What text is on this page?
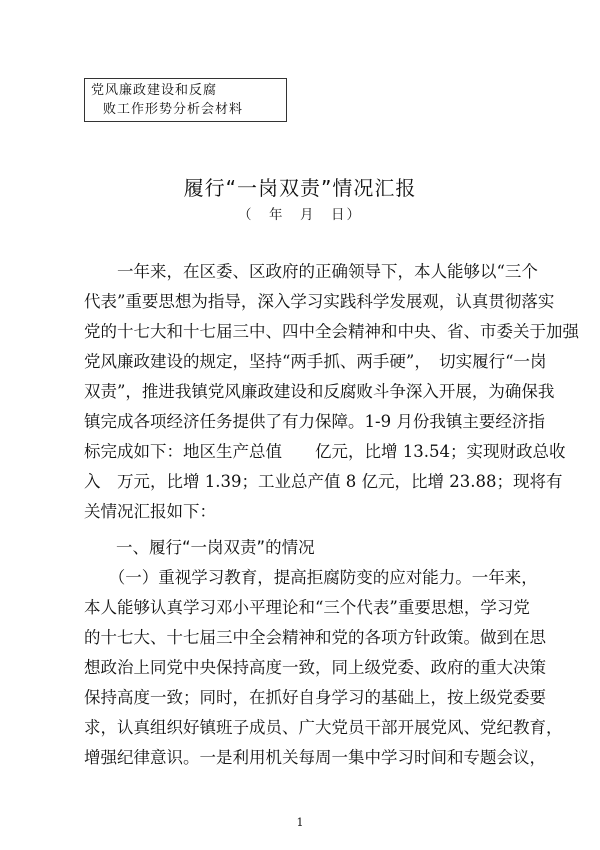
党风廉政建设和反腐
败工作形势分析会材料
履行“一岗双责”情况汇报
（　年　月　日）
　　一年来，在区委、区政府的正确领导下，本人能够以“三个
代表”重要思想为指导，深入学习实践科学发展观，认真贯彻落实
党的十七大和十七届三中、四中全会精神和中央、省、市委关于加强
党风廉政建设的规定，坚持“两手抓、两手硬”，　切实履行“一岗
双责”，推进我镇党风廉政建设和反腐败斗争深入开展，为确保我
镇完成各项经济任务提供了有力保障。1-9 月份我镇主要经济指
标完成如下：地区生产总值　　亿元，比增 13.54；实现财政总收
入　万元，比增 1.39；工业总产值 8 亿元，比增 23.88；现将有
关情况汇报如下：
一、履行“一岗双责”的情况
　　（一）重视学习教育，提高拒腐防变的应对能力。一年来，
本人能够认真学习邓小平理论和“三个代表”重要思想，学习党
的十七大、十七届三中全会精神和党的各项方针政策。做到在思
想政治上同党中央保持高度一致，同上级党委、政府的重大决策
保持高度一致；同时，在抓好自身学习的基础上，按上级党委要
求，认真组织好镇班子成员、广大党员干部开展党风、党纪教育，
增强纪律意识。一是利用机关每周一集中学习时间和专题会议，
1
